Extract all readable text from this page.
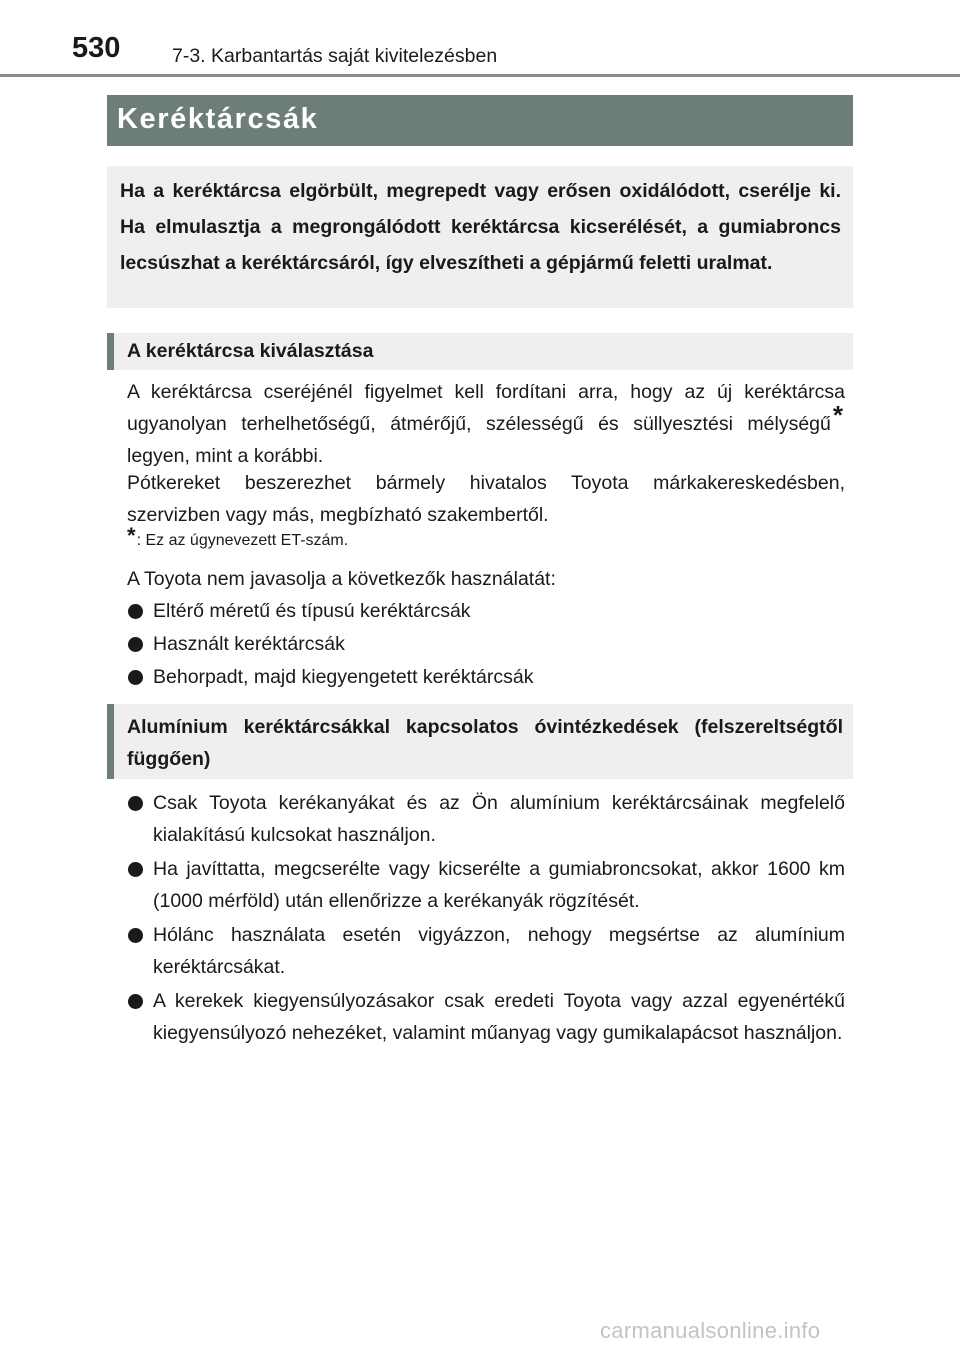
530	7-3. Karbantartás saját kivitelezésben
Keréktárcsák
Ha a keréktárcsa elgörbült, megrepedt vagy erősen oxidálódott, cserélje ki. Ha elmulasztja a megrongálódott keréktárcsa kicserélését, a gumiabroncs lecsúszhat a keréktárcsáról, így elveszítheti a gépjármű feletti uralmat.
A keréktárcsa kiválasztása
A keréktárcsa cseréjénél figyelmet kell fordítani arra, hogy az új keréktárcsa ugyanolyan terhelhetőségű, átmérőjű, szélességű és süllyesztési mélységű* legyen, mint a korábbi.
Pótkereket beszerezhet bármely hivatalos Toyota márkakereskedésben, szervizben vagy más, megbízható szakembertől.
*: Ez az úgynevezett ET-szám.
A Toyota nem javasolja a következők használatát:
Eltérő méretű és típusú keréktárcsák
Használt keréktárcsák
Behorpadt, majd kiegyengetett keréktárcsák
Alumínium keréktárcsákkal kapcsolatos óvintézkedések (felszereltségtől függően)
Csak Toyota kerékanyákat és az Ön alumínium keréktárcsáinak megfelelő kialakítású kulcsokat használjon.
Ha javíttatta, megcserélte vagy kicserélte a gumiabroncsokat, akkor 1600 km (1000 mérföld) után ellenőrizze a kerékanyák rögzítését.
Hólánc használata esetén vigyázzon, nehogy megsértse az alumínium keréktárcsákat.
A kerekek kiegyensúlyozásakor csak eredeti Toyota vagy azzal egyenértékű kiegyensúlyozó nehezéket, valamint műanyag vagy gumikalapácsot használjon.
carmanualsonline.info
